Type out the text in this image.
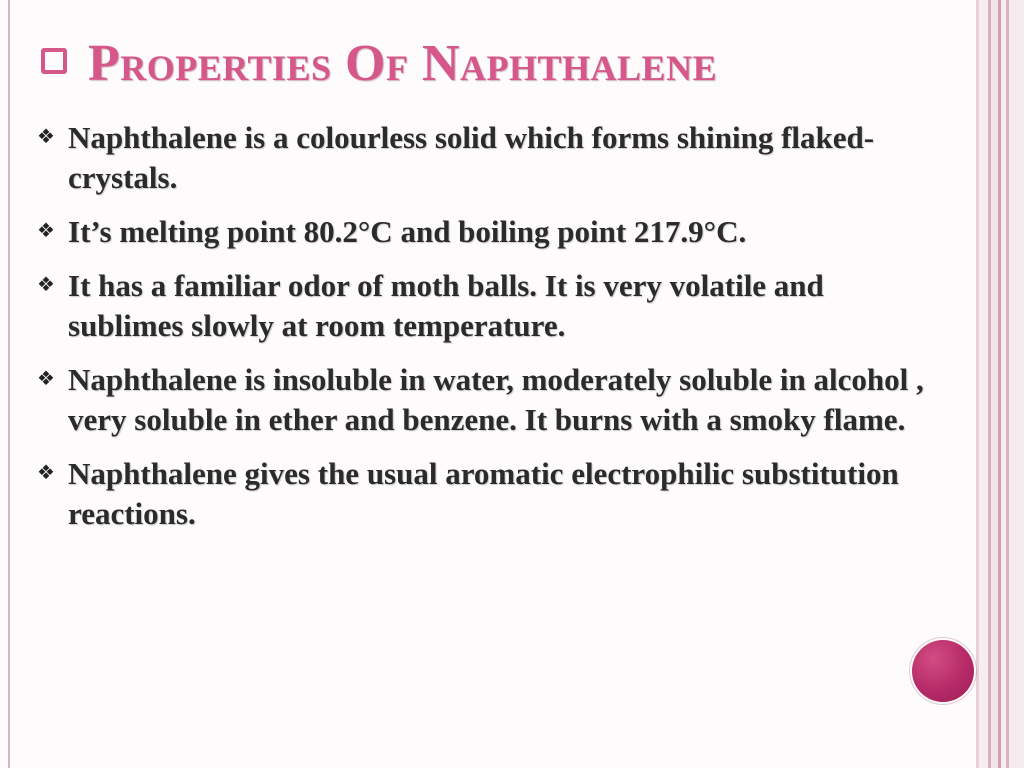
Properties Of Naphthalene
❖ Naphthalene is a colourless solid which forms shining flaked-crystals.
❖ It’s melting point 80.2°C and boiling point 217.9°C.
❖ It has a familiar odor of moth balls. It is very volatile and sublimes slowly at room temperature.
❖ Naphthalene is insoluble in water, moderately soluble in alcohol , very soluble in ether and benzene. It burns with a smoky flame.
❖ Naphthalene gives the usual aromatic electrophilic substitution reactions.
